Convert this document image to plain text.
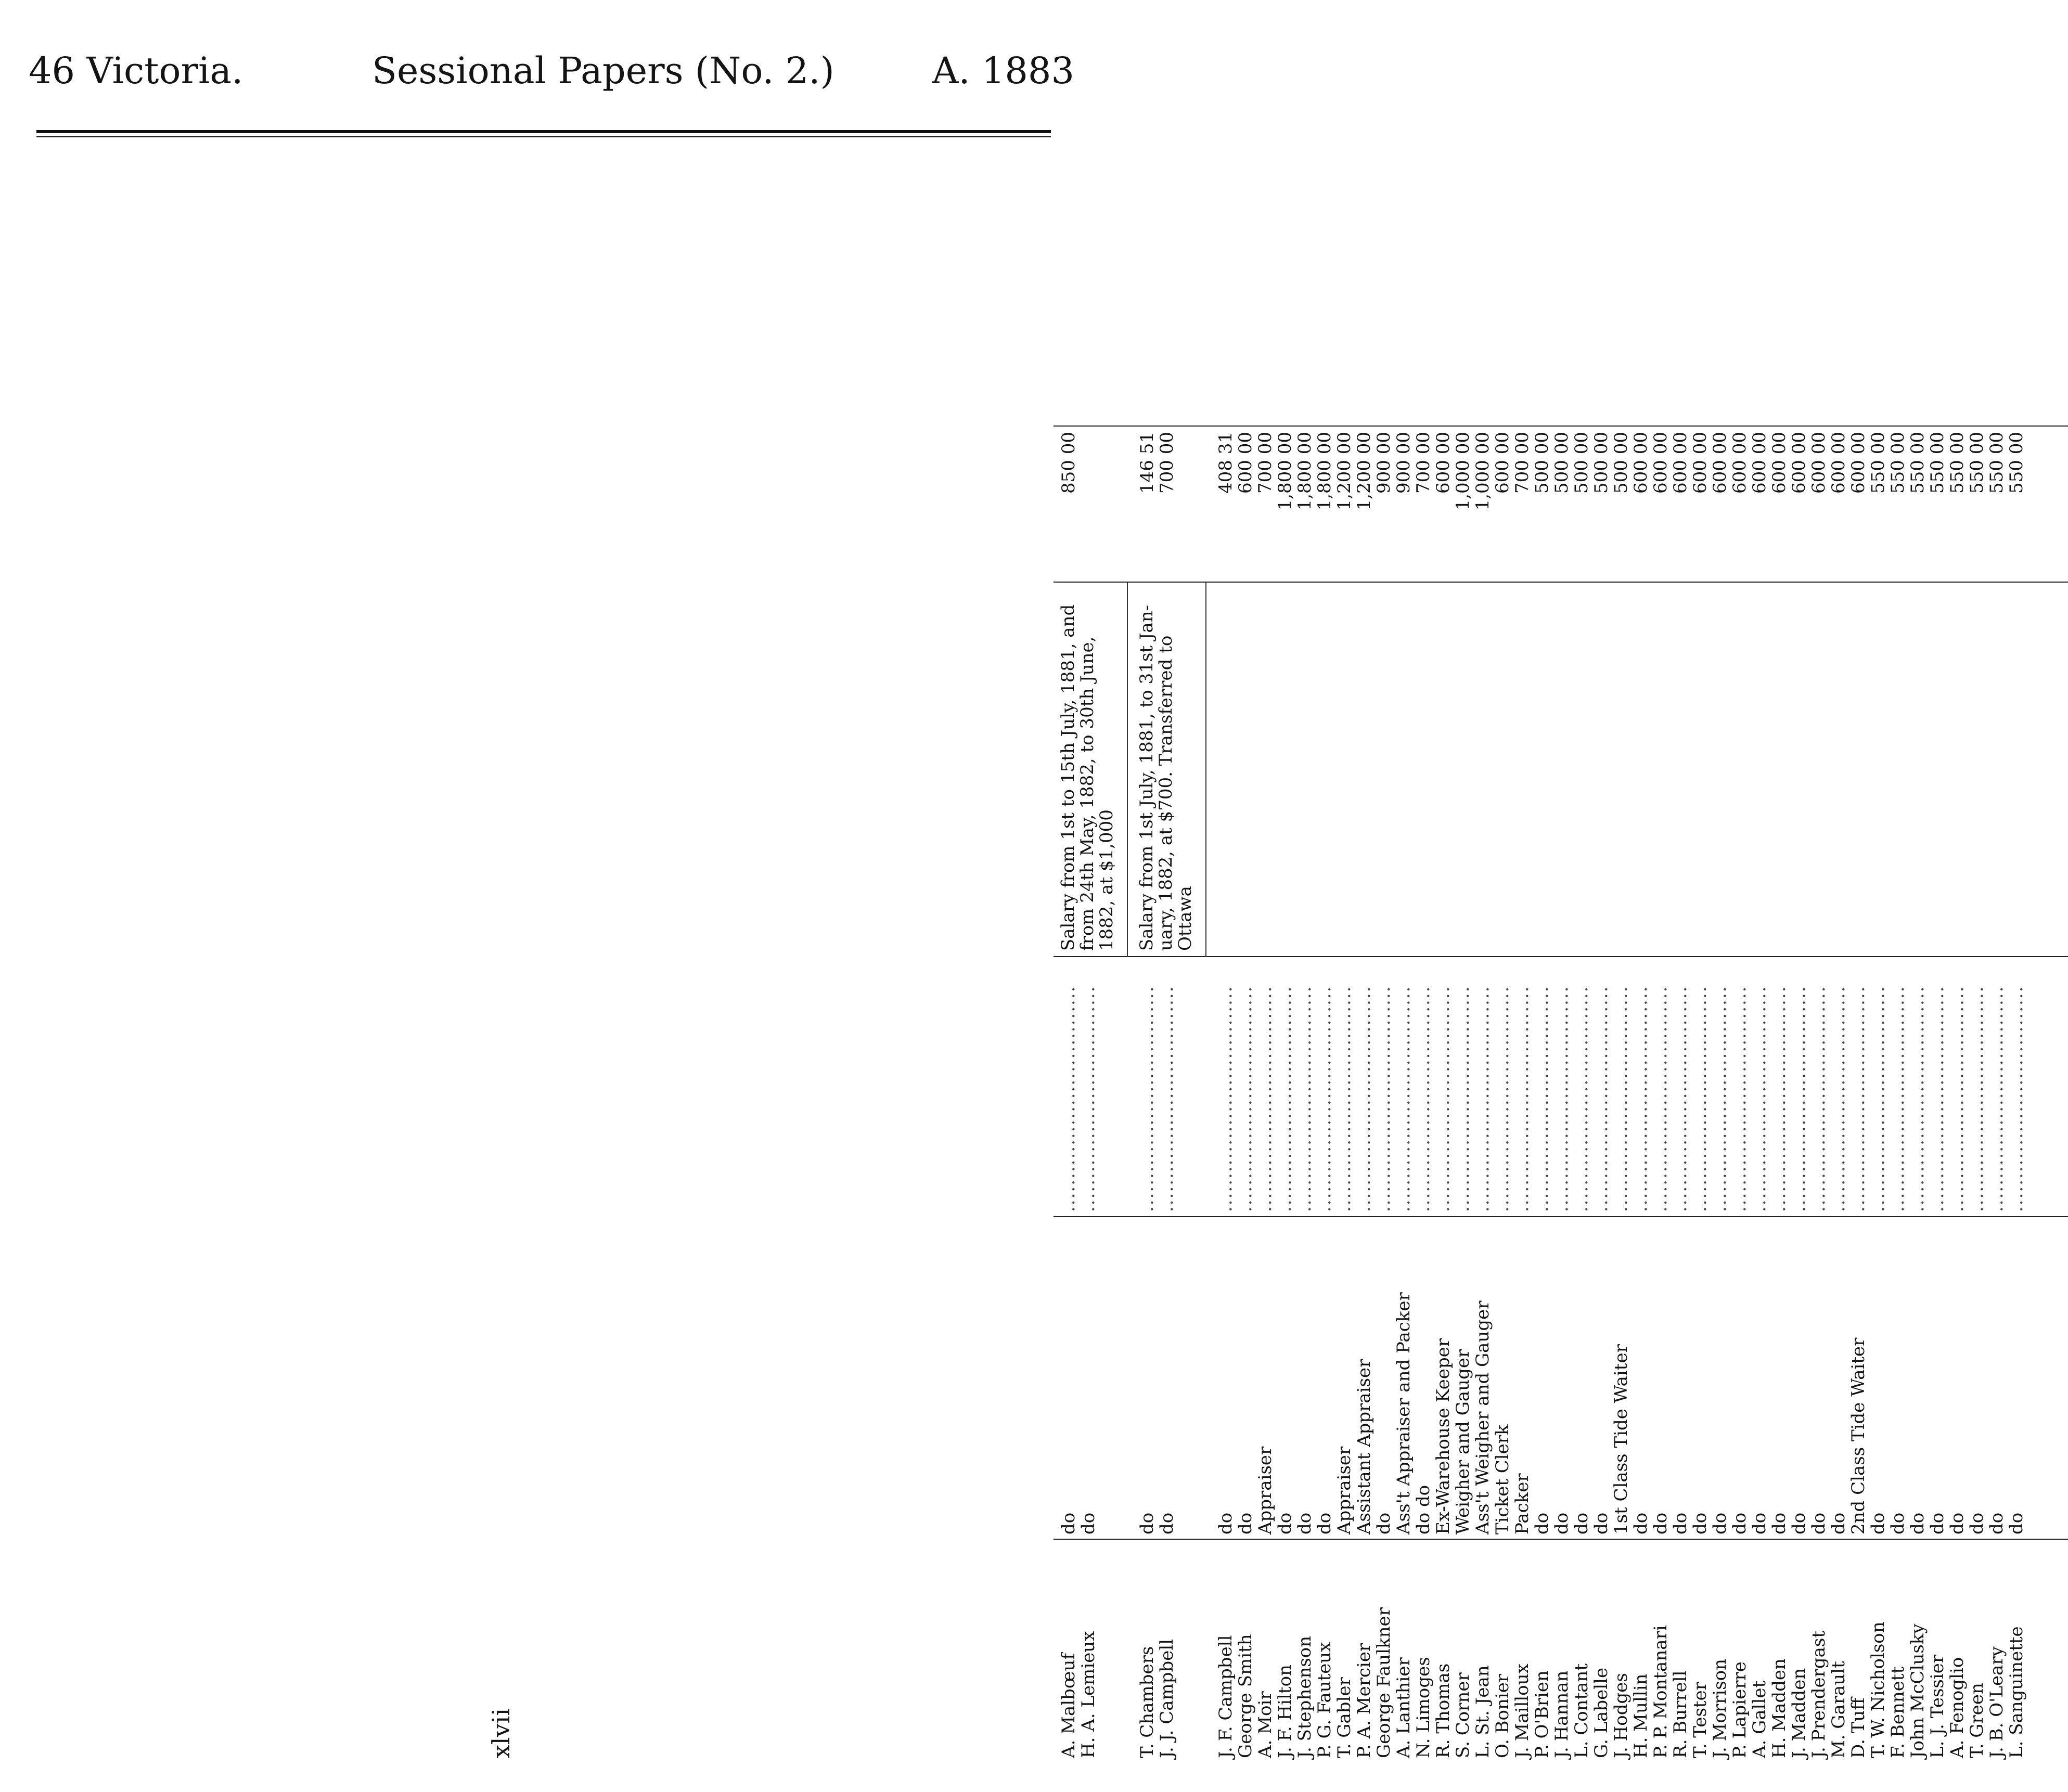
46 Victoria.	Sessional Papers (No. 2.)	A. 1883
A. Malbœuf
do
..................................
850 00
H. A. Lemieux
do
..................................

Salary from 1st to 15th July, 1881, and

from 24th May, 1882, to 30th June,

1882, at $1,000

T. Chambers
do
..................................
146 51
J. J. Campbell
do
..................................
700 00

Salary from 1st July, 1881, to 31st Jan-

uary, 1882, at $700. Transferred to

Ottawa

J. F. Campbell
do
..................................
408 31
George Smith
do
..................................
600 00
A. Moir
Appraiser
..................................
700 00
J. F. Hilton
do
..................................
1,800 00
J. Stephenson
do
..................................
1,800 00
P. G. Fauteux
do
..................................
1,800 00
T. Gabler
Appraiser
..................................
1,200 00
P. A. Mercier
Assistant Appraiser
..................................
1,200 00
George Faulkner
do
..................................
900 00
A. Lanthier
Ass't Appraiser and Packer
..................................
900 00
N. Limoges
do do
..................................
700 00
R. Thomas
Ex-Warehouse Keeper
..................................
600 00
S. Corner
Weigher and Gauger
..................................
1,000 00
L. St. Jean
Ass't Weigher and Gauger
..................................
1,000 00
O. Bonier
Ticket Clerk
..................................
600 00
J. Mailloux
Packer
..................................
700 00
P. O'Brien
do
..................................
500 00
J. Hannan
do
..................................
500 00
L. Contant
do
..................................
500 00
G. Labelle
do
..................................
500 00
J. Hodges
1st Class Tide Waiter
..................................
500 00
H. Mullin
do
..................................
600 00
P. P. Montanari
do
..................................
600 00
R. Burrell
do
..................................
600 00
T. Tester
do
..................................
600 00
J. Morrison
do
..................................
600 00
P. Lapierre
do
..................................
600 00
A. Gallet
do
..................................
600 00
H. Madden
do
..................................
600 00
J. Madden
do
..................................
600 00
J. Prendergast
do
..................................
600 00
M. Garault
do
..................................
600 00
D. Tuff
2nd Class Tide Waiter
..................................
600 00
T. W. Nicholson
do
..................................
550 00
F. Bennett
do
..................................
550 00
John McClusky
do
..................................
550 00
L. J. Tessier
do
..................................
550 00
A. Fenoglio
do
..................................
550 00
T. Green
do
..................................
550 00
J. B. O'Leary
do
..................................
550 00
L. Sanguinette
do
..................................
550 00
xlvii
